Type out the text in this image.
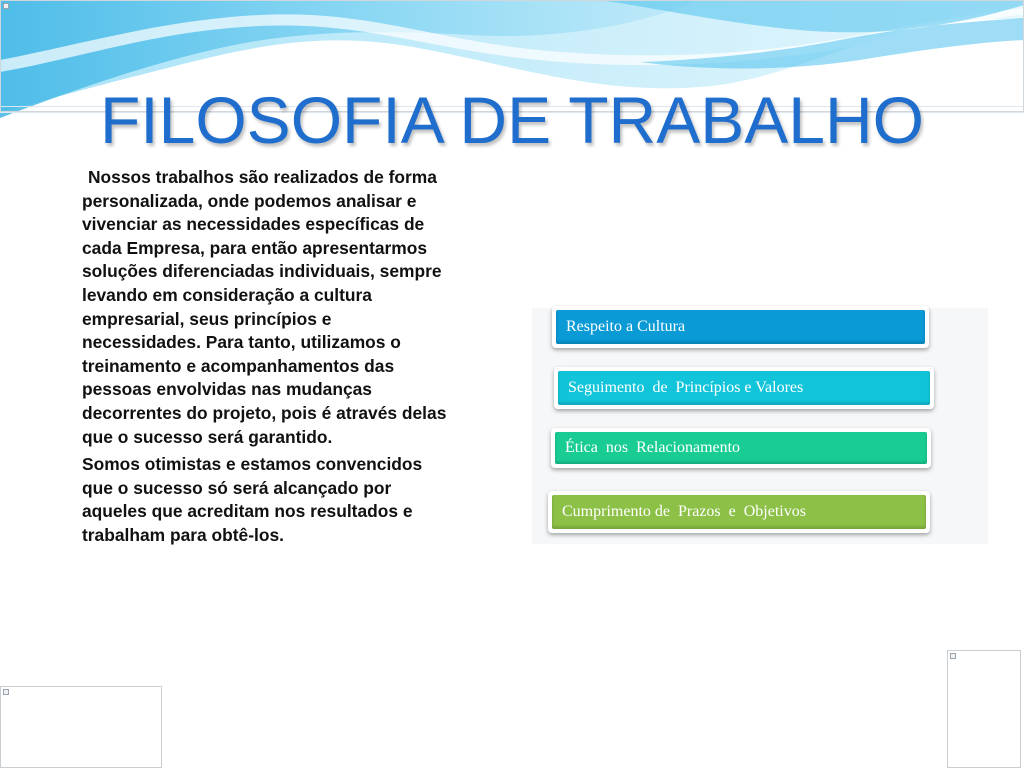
FILOSOFIA DE TRABALHO

Nossos trabalhos são realizados de forma personalizada, onde podemos analisar e vivenciar as necessidades específicas de cada Empresa, para então apresentarmos soluções diferenciadas individuais, sempre levando em consideração a cultura empresarial, seus princípios e necessidades. Para tanto, utilizamos o treinamento e acompanhamentos das pessoas envolvidas nas mudanças decorrentes do projeto, pois é através delas que o sucesso será garantido.

Somos otimistas e estamos convencidos que o sucesso só será alcançado por aqueles que acreditam nos resultados e trabalham para obtê-los.

Respeito a Cultura
Seguimento  de  Princípios e Valores
Ética  nos  Relacionamento
Cumprimento de  Prazos  e  Objetivos
